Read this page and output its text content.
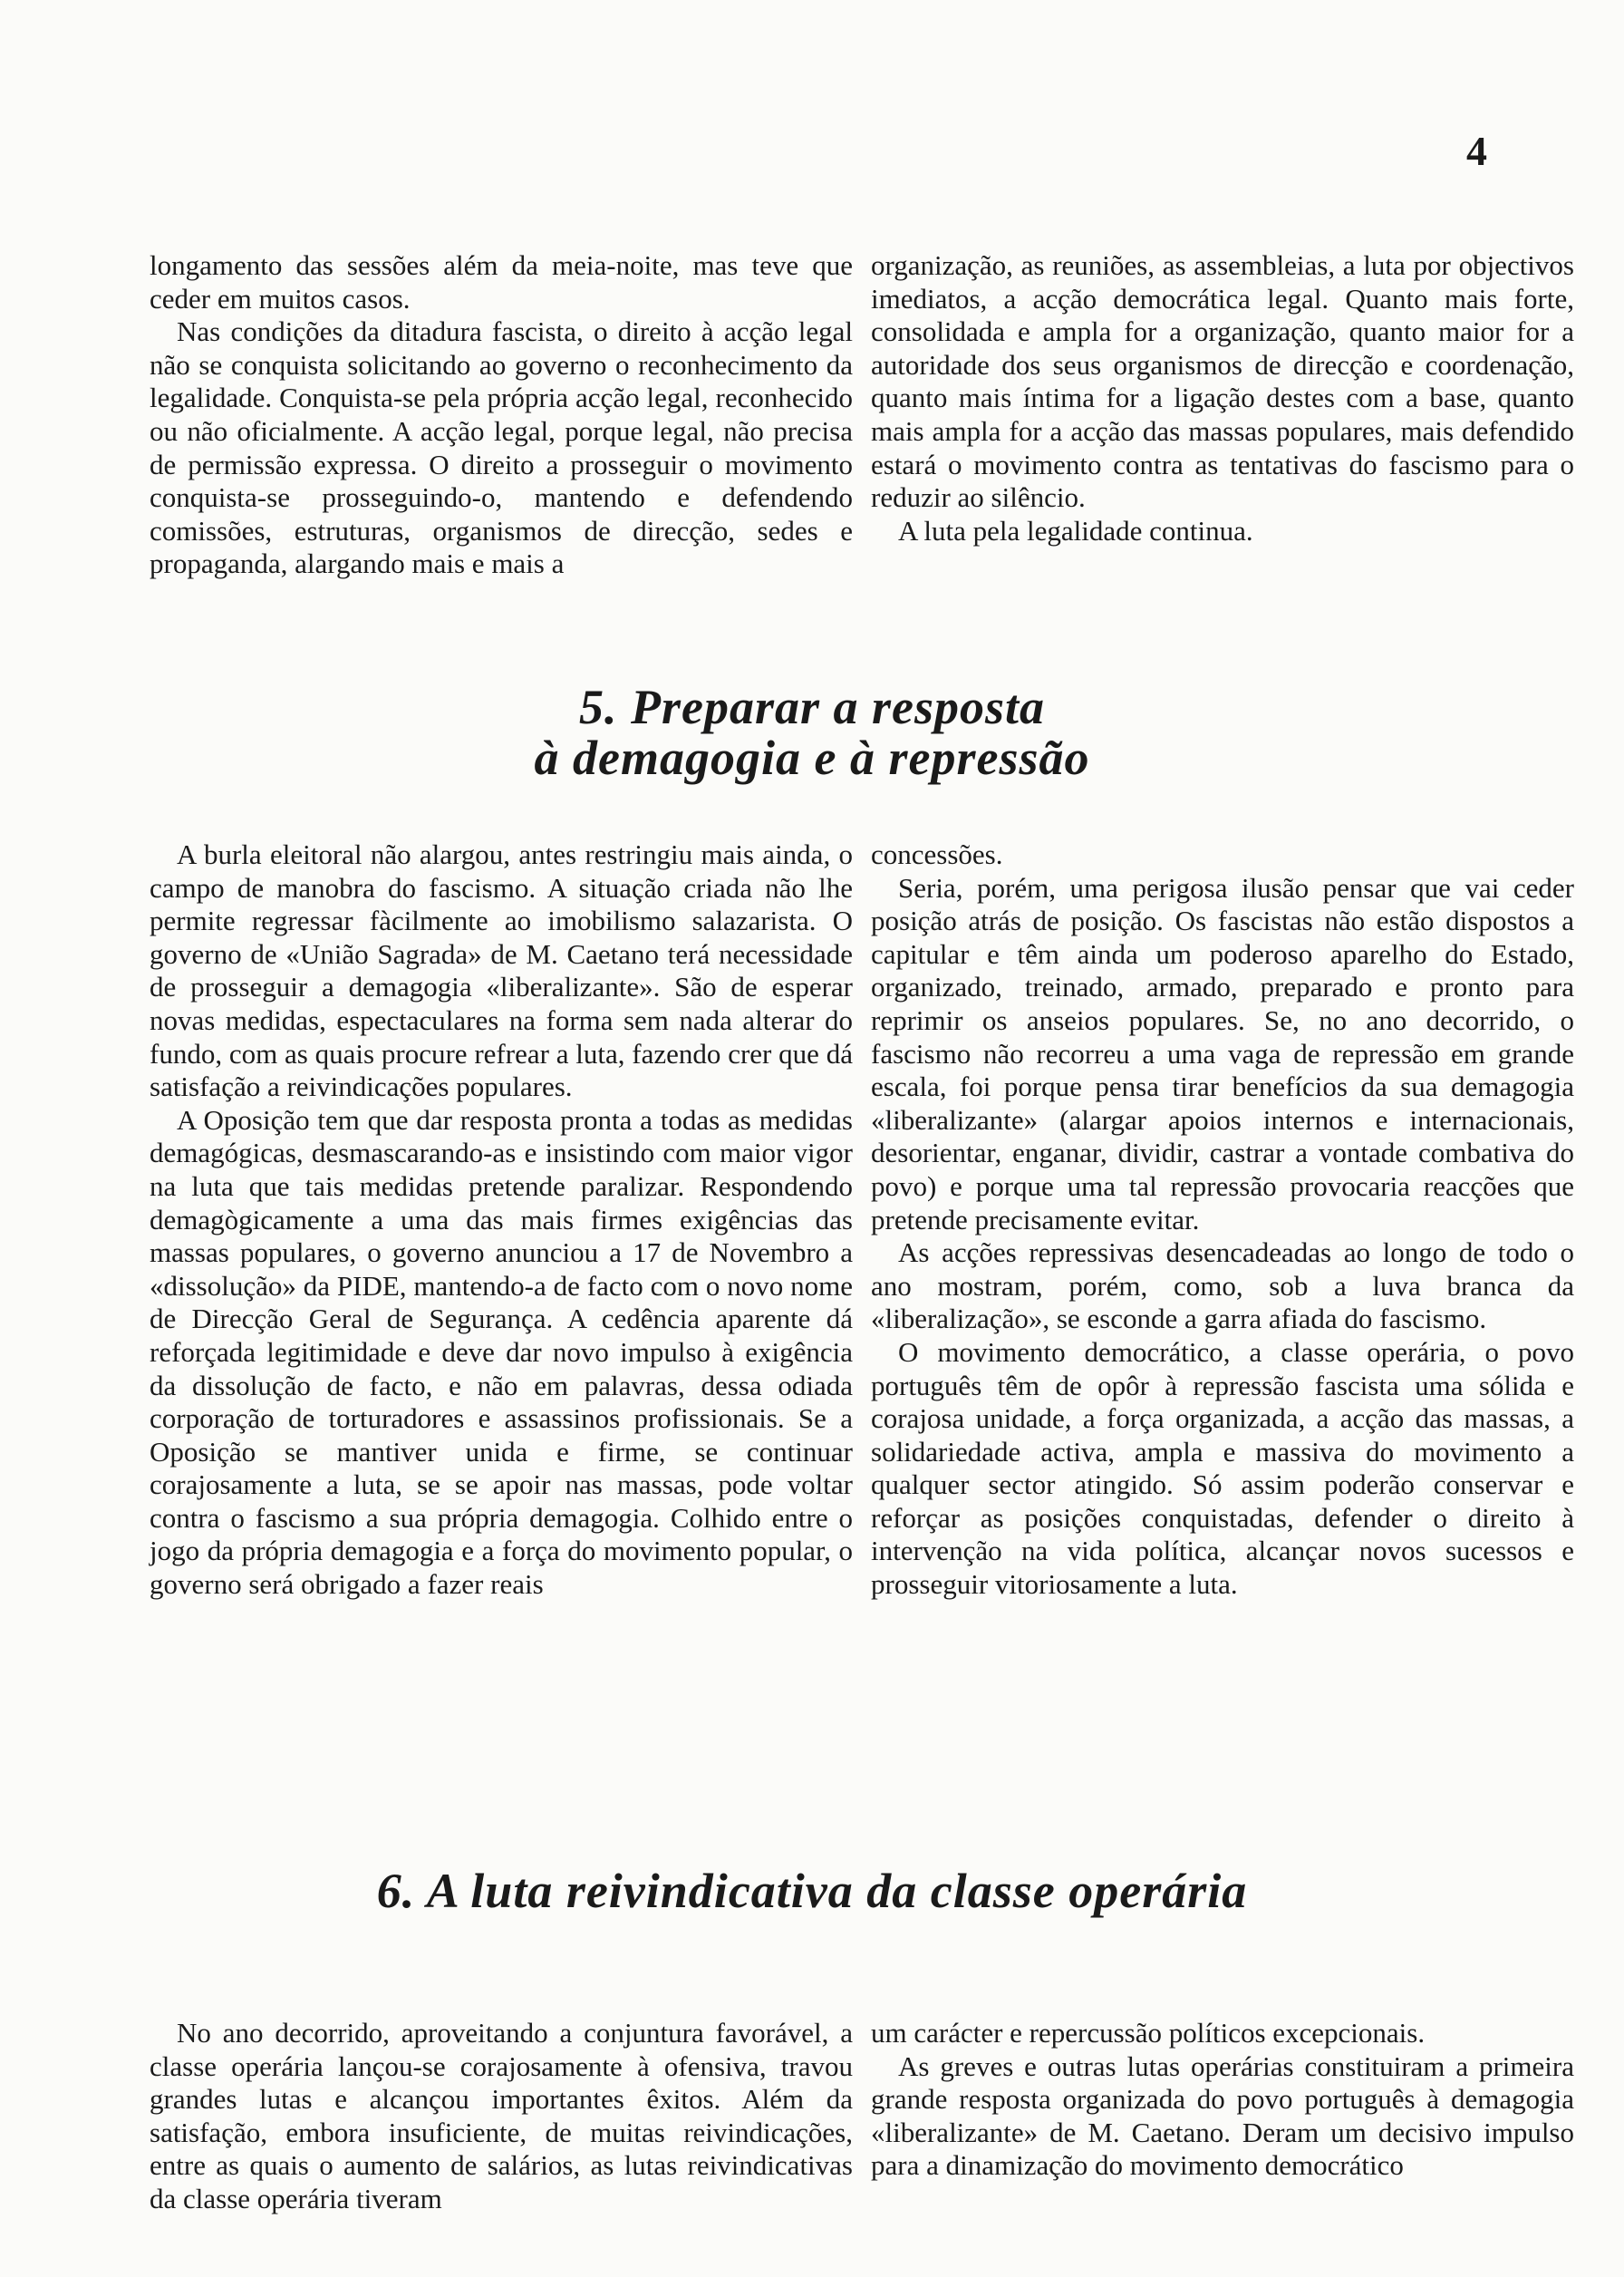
4

longamento das sessões além da meia-noite, mas teve que ceder em muitos casos.

Nas condições da ditadura fascista, o direito à acção legal não se conquista solicitando ao governo o reconhecimento da legalidade. Conquista-se pela própria acção legal, reconhecido ou não oficialmente. A acção legal, porque legal, não precisa de permissão expressa. O direito a prosseguir o movimento conquista-se prosseguindo-o, mantendo e defendendo comissões, estruturas, organismos de direcção, sedes e propaganda, alargando mais e mais a

organização, as reuniões, as assembleias, a luta por objectivos imediatos, a acção democrática legal. Quanto mais forte, consolidada e ampla for a organização, quanto maior for a autoridade dos seus organismos de direcção e coordenação, quanto mais íntima for a ligação destes com a base, quanto mais ampla for a acção das massas populares, mais defendido estará o movimento contra as tentativas do fascismo para o reduzir ao silêncio.

A luta pela legalidade continua.

5. Preparar a resposta
à demagogia e à repressão

A burla eleitoral não alargou, antes restringiu mais ainda, o campo de manobra do fascismo. A situação criada não lhe permite regressar fàcilmente ao imobilismo salazarista. O governo de «União Sagrada» de M. Caetano terá necessidade de prosseguir a demagogia «liberalizante». São de esperar novas medidas, espectaculares na forma sem nada alterar do fundo, com as quais procure refrear a luta, fazendo crer que dá satisfação a reivindicações populares.

A Oposição tem que dar resposta pronta a todas as medidas demagógicas, desmascarando-as e insistindo com maior vigor na luta que tais medidas pretende paralizar. Respondendo demagògicamente a uma das mais firmes exigências das massas populares, o governo anunciou a 17 de Novembro a «dissolução» da PIDE, mantendo-a de facto com o novo nome de Direcção Geral de Segurança. A cedência aparente dá reforçada legitimidade e deve dar novo impulso à exigência da dissolução de facto, e não em palavras, dessa odiada corporação de torturadores e assassinos profissionais. Se a Oposição se mantiver unida e firme, se continuar corajosamente a luta, se se apoir nas massas, pode voltar contra o fascismo a sua própria demagogia. Colhido entre o jogo da própria demagogia e a força do movimento popular, o governo será obrigado a fazer reais

concessões.

Seria, porém, uma perigosa ilusão pensar que vai ceder posição atrás de posição. Os fascistas não estão dispostos a capitular e têm ainda um poderoso aparelho do Estado, organizado, treinado, armado, preparado e pronto para reprimir os anseios populares. Se, no ano decorrido, o fascismo não recorreu a uma vaga de repressão em grande escala, foi porque pensa tirar benefícios da sua demagogia «liberalizante» (alargar apoios internos e internacionais, desorientar, enganar, dividir, castrar a vontade combativa do povo) e porque uma tal repressão provocaria reacções que pretende precisamente evitar.

As acções repressivas desencadeadas ao longo de todo o ano mostram, porém, como, sob a luva branca da «liberalização», se esconde a garra afiada do fascismo.

O movimento democrático, a classe operária, o povo português têm de opôr à repressão fascista uma sólida e corajosa unidade, a força organizada, a acção das massas, a solidariedade activa, ampla e massiva do movimento a qualquer sector atingido. Só assim poderão conservar e reforçar as posições conquistadas, defender o direito à intervenção na vida política, alcançar novos sucessos e prosseguir vitoriosamente a luta.

6. A luta reivindicativa da classe operária

No ano decorrido, aproveitando a conjuntura favorável, a classe operária lançou-se corajosamente à ofensiva, travou grandes lutas e alcançou importantes êxitos. Além da satisfação, embora insuficiente, de muitas reivindicações, entre as quais o aumento de salários, as lutas reivindicativas da classe operária tiveram

um carácter e repercussão políticos excepcionais.

As greves e outras lutas operárias constituiram a primeira grande resposta organizada do povo português à demagogia «liberalizante» de M. Caetano. Deram um decisivo impulso para a dinamização do movimento democrático
